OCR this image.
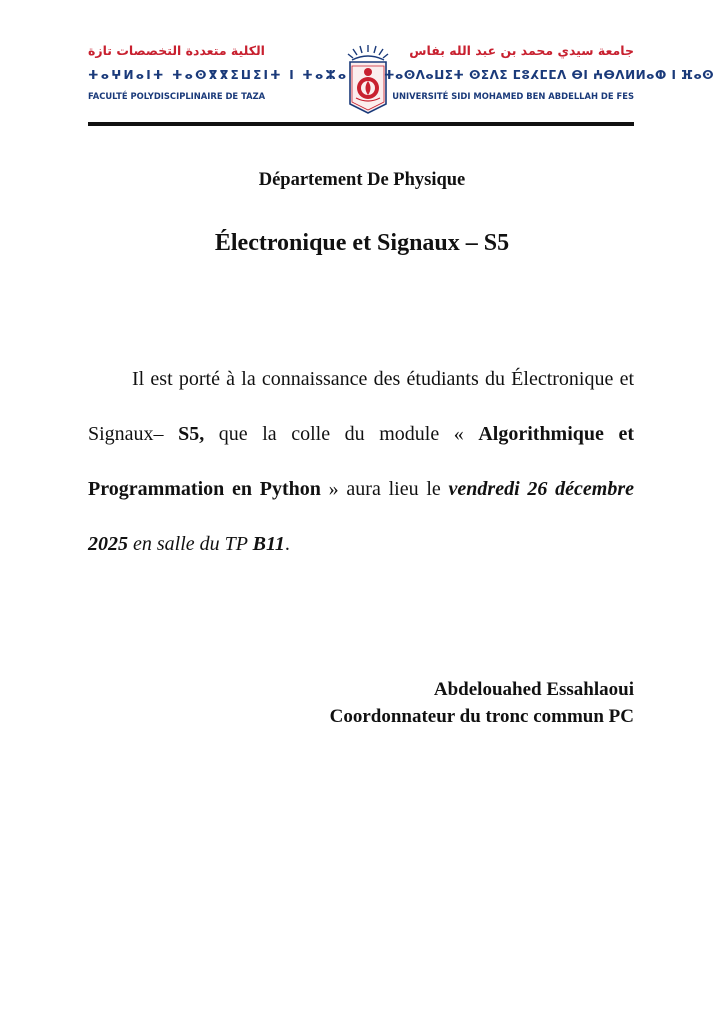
الكلية متعددة التخصصات تازة
ⵜⴰⵖⵍⴰⵏⵜ ⵜⴰⵙⴳⴳⵉⵡⵉⵏⵜ ⵏ ⵜⴰⵣⴰ
FACULTÉ POLYDISCIPLINAIRE DE TAZA
جامعة سيدي محمد بن عبد الله بفاس
ⵜⴰⵙⴷⴰⵡⵉⵜ ⵙⵉⴷⵉ ⵎⵓⵃⵎⵎⴷ ⴱⵏ ⵄⴱⴷⵍⵍⴰⵀ ⵏ ⴼⴰⵙ
UNIVERSITÉ SIDI MOHAMED BEN ABDELLAH DE FES
Département De Physique
Électronique et Signaux – S5

Il est porté à la connaissance des étudiants du Électronique et Signaux– S5, que la colle du module « Algorithmique et Programmation en Python » aura lieu le vendredi 26 décembre 2025 en salle du TP B11.

Abdelouahed Essahlaoui
Coordonnateur du tronc commun PC
